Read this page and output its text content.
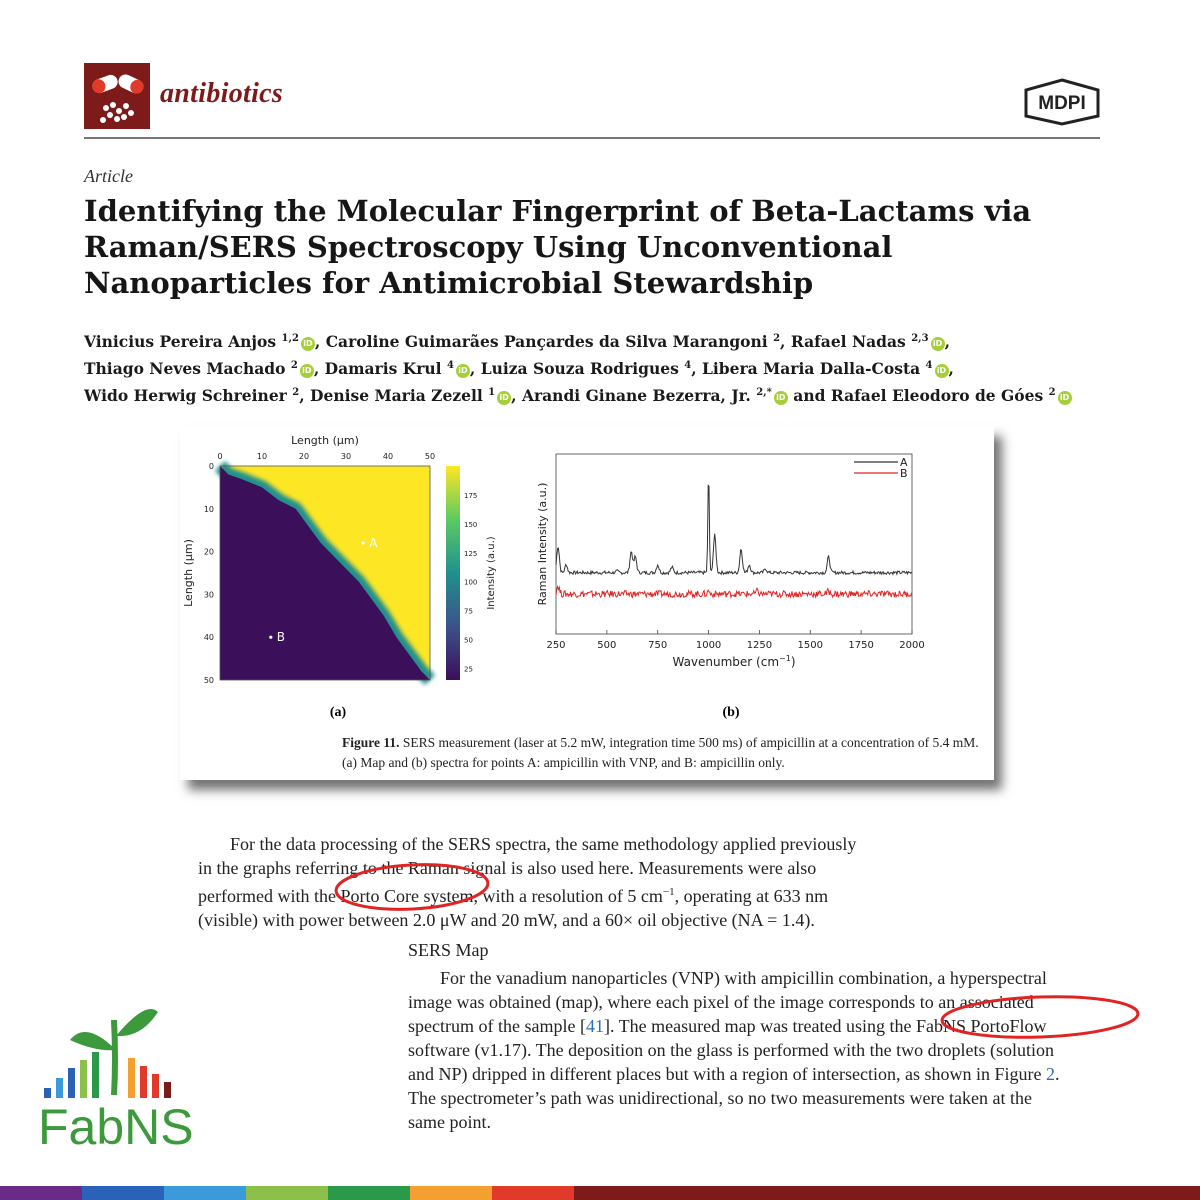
antibiotics	MDPI
Article
Identifying the Molecular Fingerprint of Beta-Lactams via Raman/SERS Spectroscopy Using Unconventional Nanoparticles for Antimicrobial Stewardship
Vinicius Pereira Anjos $^{1,2}$ iD , Caroline Guimarães Pançardes da Silva Marangoni $^2$, Rafael Nadas $^{2,3}$ iD ,
Thiago Neves Machado $^2$ iD , Damaris Krul $^4$ iD , Luiza Souza Rodrigues $^4$, Libera Maria Dalla-Costa $^4$ iD ,
Wido Herwig Schreiner $^2$, Denise Maria Zezell $^1$ iD , Arandi Ginane Bezerra, Jr. $^{2,*}$ iD and Rafael Eleodoro de Góes $^2$ iD
Length (µm)
0	10	20	30	40	50
0
10
20
30
40
50
Length (µm)	A
B
25
50
75
100
125
150
175
Intensity (a.u.)
250	500	750	1000	1250	1500	1750	2000
Wavenumber $(cm^{-1})$
Raman Intensity (a.u.)
A
B
(a)	(b)
Figure 11. SERS measurement (laser at 5.2 mW, integration time 500 ms) of ampicillin at a concentration of 5.4 mM. (a) Map and (b) spectra for points A: ampicillin with VNP, and B: ampicillin only.
For the data processing of the SERS spectra, the same methodology applied previously
in the graphs referring to the Raman signal is also used here. Measurements were also
performed with the Porto Core system, with a resolution of 5 $cm^{-1}$, operating at 633 nm
(visible) with power between 2.0 μW and 20 mW, and a 60× oil objective (NA = 1.4).
SERS Map
For the vanadium nanoparticles (VNP) with ampicillin combination, a hyperspectral
image was obtained (map), where each pixel of the image corresponds to an associated
spectrum of the sample [41]. The measured map was treated using the FabNS PortoFlow
software (v1.17). The deposition on the glass is performed with the two droplets (solution
and NP) dripped in different places but with a region of intersection, as shown in Figure 2.
The spectrometer’s path was unidirectional, so no two measurements were taken at the
same point.
FabNS
